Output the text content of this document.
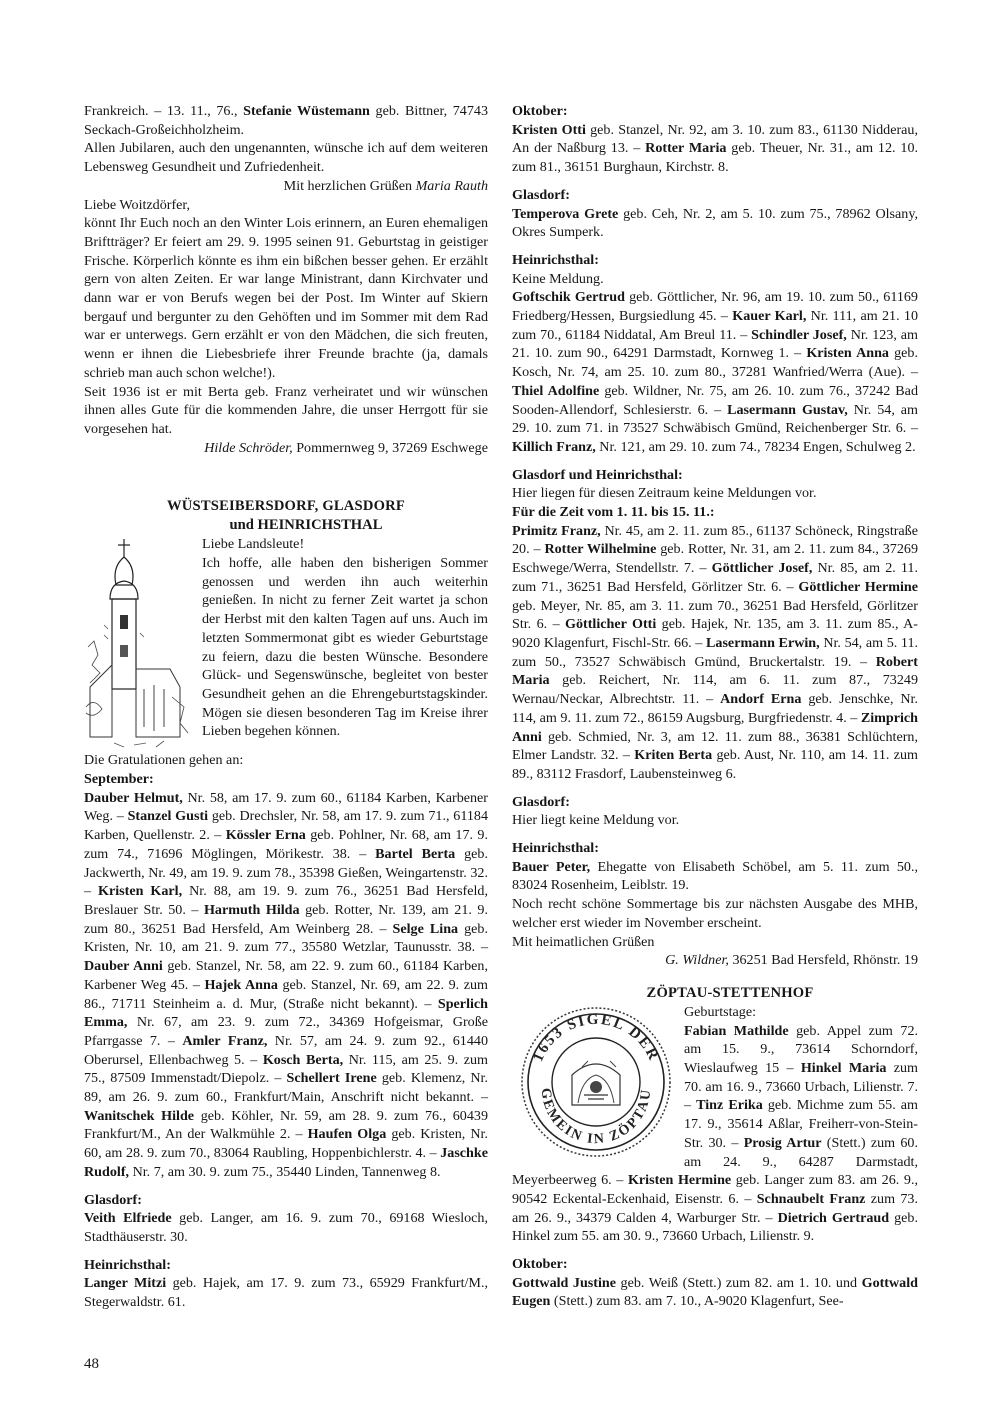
Frankreich. – 13. 11., 76., Stefanie Wüstemann geb. Bittner, 74743 Seckach-Großeichholzheim.

Allen Jubilaren, auch den ungenannten, wünsche ich auf dem weiteren Lebensweg Gesundheit und Zufriedenheit.

Mit herzlichen Grüßen Maria Rauth

Liebe Woitzdörfer,

könnt Ihr Euch noch an den Winter Lois erinnern, an Euren ehemaligen Briftträger? Er feiert am 29. 9. 1995 seinen 91. Geburtstag in geistiger Frische. Körperlich könnte es ihm ein bißchen besser gehen. Er erzählt gern von alten Zeiten. Er war lange Ministrant, dann Kirchvater und dann war er von Berufs wegen bei der Post. Im Winter auf Skiern bergauf und bergunter zu den Gehöften und im Sommer mit dem Rad war er unterwegs. Gern erzählt er von den Mädchen, die sich freuten, wenn er ihnen die Liebesbriefe ihrer Freunde brachte (ja, damals schrieb man auch schon welche!).

Seit 1936 ist er mit Berta geb. Franz verheiratet und wir wünschen ihnen alles Gute für die kommenden Jahre, die unser Herrgott für sie vorgesehen hat.

Hilde Schröder, Pommernweg 9, 37269 Eschwege

WÜSTSEIBERSDORF, GLASDORF
und HEINRICHSTHAL

Liebe Landsleute!

Ich hoffe, alle haben den bisherigen Sommer genossen und werden ihn auch weiterhin genießen. In nicht zu ferner Zeit wartet ja schon der Herbst mit den kalten Tagen auf uns. Auch im letzten Sommermonat gibt es wieder Geburtstage zu feiern, dazu die besten Wünsche. Besondere Glück- und Segenswünsche, begleitet von bester Gesundheit gehen an die Ehrengeburtstagskinder. Mögen sie diesen besonderen Tag im Kreise ihrer Lieben begehen können.

Die Gratulationen gehen an:

September:

Dauber Helmut, Nr. 58, am 17. 9. zum 60., 61184 Karben, Karbener Weg. – Stanzel Gusti geb. Drechsler, Nr. 58, am 17. 9. zum 71., 61184 Karben, Quellenstr. 2. – Kössler Erna geb. Pohlner, Nr. 68, am 17. 9. zum 74., 71696 Möglingen, Mörikestr. 38. – Bartel Berta geb. Jackwerth, Nr. 49, am 19. 9. zum 78., 35398 Gießen, Weingartenstr. 32. – Kristen Karl, Nr. 88, am 19. 9. zum 76., 36251 Bad Hersfeld, Breslauer Str. 50. – Harmuth Hilda geb. Rotter, Nr. 139, am 21. 9. zum 80., 36251 Bad Hersfeld, Am Weinberg 28. – Selge Lina geb. Kristen, Nr. 10, am 21. 9. zum 77., 35580 Wetzlar, Taunusstr. 38. – Dauber Anni geb. Stanzel, Nr. 58, am 22. 9. zum 60., 61184 Karben, Karbener Weg 45. – Hajek Anna geb. Stanzel, Nr. 69, am 22. 9. zum 86., 71711 Steinheim a. d. Mur, (Straße nicht bekannt). – Sperlich Emma, Nr. 67, am 23. 9. zum 72., 34369 Hofgeismar, Große Pfarrgasse 7. – Amler Franz, Nr. 57, am 24. 9. zum 92., 61440 Oberursel, Ellenbachweg 5. – Kosch Berta, Nr. 115, am 25. 9. zum 75., 87509 Immenstadt/Diepolz. – Schellert Irene geb. Klemenz, Nr. 89, am 26. 9. zum 60., Frankfurt/Main, Anschrift nicht bekannt. – Wanitschek Hilde geb. Köhler, Nr. 59, am 28. 9. zum 76., 60439 Frankfurt/M., An der Walkmühle 2. – Haufen Olga geb. Kristen, Nr. 60, am 28. 9. zum 70., 83064 Raubling, Hoppenbichlerstr. 4. – Jaschke Rudolf, Nr. 7, am 30. 9. zum 75., 35440 Linden, Tannenweg 8.

Glasdorf:

Veith Elfriede geb. Langer, am 16. 9. zum 70., 69168 Wiesloch, Stadthäuserstr. 30.

Heinrichsthal:

Langer Mitzi geb. Hajek, am 17. 9. zum 73., 65929 Frankfurt/M., Stegerwaldstr. 61.

Oktober:

Kristen Otti geb. Stanzel, Nr. 92, am 3. 10. zum 83., 61130 Nidderau, An der Naßburg 13. – Rotter Maria geb. Theuer, Nr. 31., am 12. 10. zum 81., 36151 Burghaun, Kirchstr. 8.

Glasdorf:

Temperova Grete geb. Ceh, Nr. 2, am 5. 10. zum 75., 78962 Olsany, Okres Sumperk.

Heinrichsthal:

Keine Meldung.

Goftschik Gertrud geb. Göttlicher, Nr. 96, am 19. 10. zum 50., 61169 Friedberg/Hessen, Burgsiedlung 45. – Kauer Karl, Nr. 111, am 21. 10 zum 70., 61184 Niddatal, Am Breul 11. – Schindler Josef, Nr. 123, am 21. 10. zum 90., 64291 Darmstadt, Kornweg 1. – Kristen Anna geb. Kosch, Nr. 74, am 25. 10. zum 80., 37281 Wanfried/Werra (Aue). – Thiel Adolfine geb. Wildner, Nr. 75, am 26. 10. zum 76., 37242 Bad Sooden-Allendorf, Schlesierstr. 6. – Lasermann Gustav, Nr. 54, am 29. 10. zum 71. in 73527 Schwäbisch Gmünd, Reichenberger Str. 6. – Killich Franz, Nr. 121, am 29. 10. zum 74., 78234 Engen, Schulweg 2.

Glasdorf und Heinrichsthal:

Hier liegen für diesen Zeitraum keine Meldungen vor.

Für die Zeit vom 1. 11. bis 15. 11.:

Primitz Franz, Nr. 45, am 2. 11. zum 85., 61137 Schöneck, Ringstraße 20. – Rotter Wilhelmine geb. Rotter, Nr. 31, am 2. 11. zum 84., 37269 Eschwege/Werra, Stendellstr. 7. – Göttlicher Josef, Nr. 85, am 2. 11. zum 71., 36251 Bad Hersfeld, Görlitzer Str. 6. – Göttlicher Hermine geb. Meyer, Nr. 85, am 3. 11. zum 70., 36251 Bad Hersfeld, Görlitzer Str. 6. – Göttlicher Otti geb. Hajek, Nr. 135, am 3. 11. zum 85., A-9020 Klagenfurt, Fischl-Str. 66. – Lasermann Erwin, Nr. 54, am 5. 11. zum 50., 73527 Schwäbisch Gmünd, Bruckertalstr. 19. – Robert Maria geb. Reichert, Nr. 114, am 6. 11. zum 87., 73249 Wernau/Neckar, Albrechtstr. 11. – Andorf Erna geb. Jenschke, Nr. 114, am 9. 11. zum 72., 86159 Augsburg, Burgfriedenstr. 4. – Zimprich Anni geb. Schmied, Nr. 3, am 12. 11. zum 88., 36381 Schlüchtern, Elmer Landstr. 32. – Kriten Berta geb. Aust, Nr. 110, am 14. 11. zum 89., 83112 Frasdorf, Laubensteinweg 6.

Glasdorf:

Hier liegt keine Meldung vor.

Heinrichsthal:

Bauer Peter, Ehegatte von Elisabeth Schöbel, am 5. 11. zum 50., 83024 Rosenheim, Leiblstr. 19.

Noch recht schöne Sommertage bis zur nächsten Ausgabe des MHB, welcher erst wieder im November erscheint.

Mit heimatlichen Grüßen

G. Wildner, 36251 Bad Hersfeld, Rhönstr. 19

ZÖPTAU-STETTENHOF
1653 SIGEL DER
GEMEIN IN ZÖPTAU

Geburtstage:

Fabian Mathilde geb. Appel zum 72. am 15. 9., 73614 Schorndorf, Wieslaufweg 15 – Hinkel Maria zum 70. am 16. 9., 73660 Urbach, Lilienstr. 7. – Tinz Erika geb. Michme zum 55. am 17. 9., 35614 Aßlar, Freiherr-von-Stein-Str. 30. – Prosig Artur (Stett.) zum 60. am 24. 9., 64287 Darmstadt, Meyerbeerweg 6. – Kristen Hermine geb. Langer zum 83. am 26. 9., 90542 Eckental-Eckenhaid, Eisenstr. 6. – Schnaubelt Franz zum 73. am 26. 9., 34379 Calden 4, Warburger Str. – Dietrich Gertraud geb. Hinkel zum 55. am 30. 9., 73660 Urbach, Lilienstr. 9.

Oktober:

Gottwald Justine geb. Weiß (Stett.) zum 82. am 1. 10. und Gottwald Eugen (Stett.) zum 83. am 7. 10., A-9020 Klagenfurt, See-

48
